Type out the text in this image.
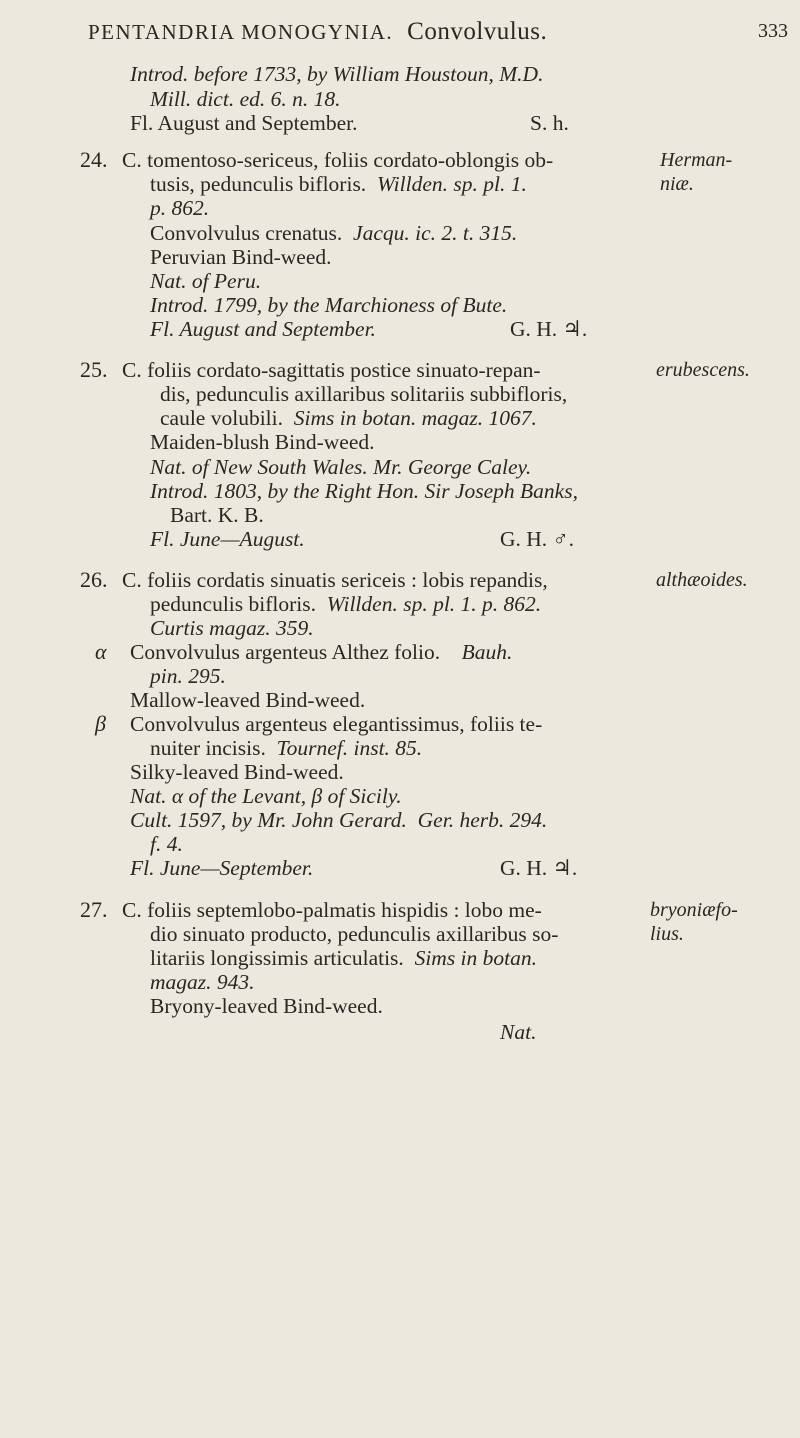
PENTANDRIA MONOGYNIA. Convolvulus.	333
Introd. before 1733, by William Houstoun, M.D.
Mill. dict. ed. 6. n. 18.
Fl. August and September.	S. h.
24. C. tomentoso-sericeus, foliis cordato-oblongis ob-	Herman-
tusis, pedunculis bifloris. Willden. sp. pl. 1.	niæ.
p. 862.
Convolvulus crenatus. Jacqu. ic. 2. t. 315.
Peruvian Bind-weed.
Nat. of Peru.
Introd. 1799, by the Marchioness of Bute.
Fl. August and September.	G. H. ♃.
25. C. foliis cordato-sagittatis postice sinuato-repan-	erubescens.
dis, pedunculis axillaribus solitariis subbifloris,
caule volubili. Sims in botan. magaz. 1067.
Maiden-blush Bind-weed.
Nat. of New South Wales. Mr. George Caley.
Introd. 1803, by the Right Hon. Sir Joseph Banks,
Bart. K. B.
Fl. June—August.	G. H. ♂.
26. C. foliis cordatis sinuatis sericeis : lobis repandis,	althæoides.
pedunculis bifloris. Willden. sp. pl. 1. p. 862.
Curtis magaz. 359.
α Convolvulus argenteus Althez folio. Bauh.
pin. 295.
Mallow-leaved Bind-weed.
β Convolvulus argenteus elegantissimus, foliis te-
nuiter incisis. Tournef. inst. 85.
Silky-leaved Bind-weed.
Nat. α of the Levant, β of Sicily.
Cult. 1597, by Mr. John Gerard. Ger. herb. 294.
f. 4.
Fl. June—September.	G. H. ♃.
27. C. foliis septemlobo-palmatis hispidis : lobo me-	bryoniæfo-
dio sinuato producto, pedunculis axillaribus so-	lius.
litariis longissimis articulatis. Sims in botan.
magaz. 943.
Bryony-leaved Bind-weed.
Nat.
